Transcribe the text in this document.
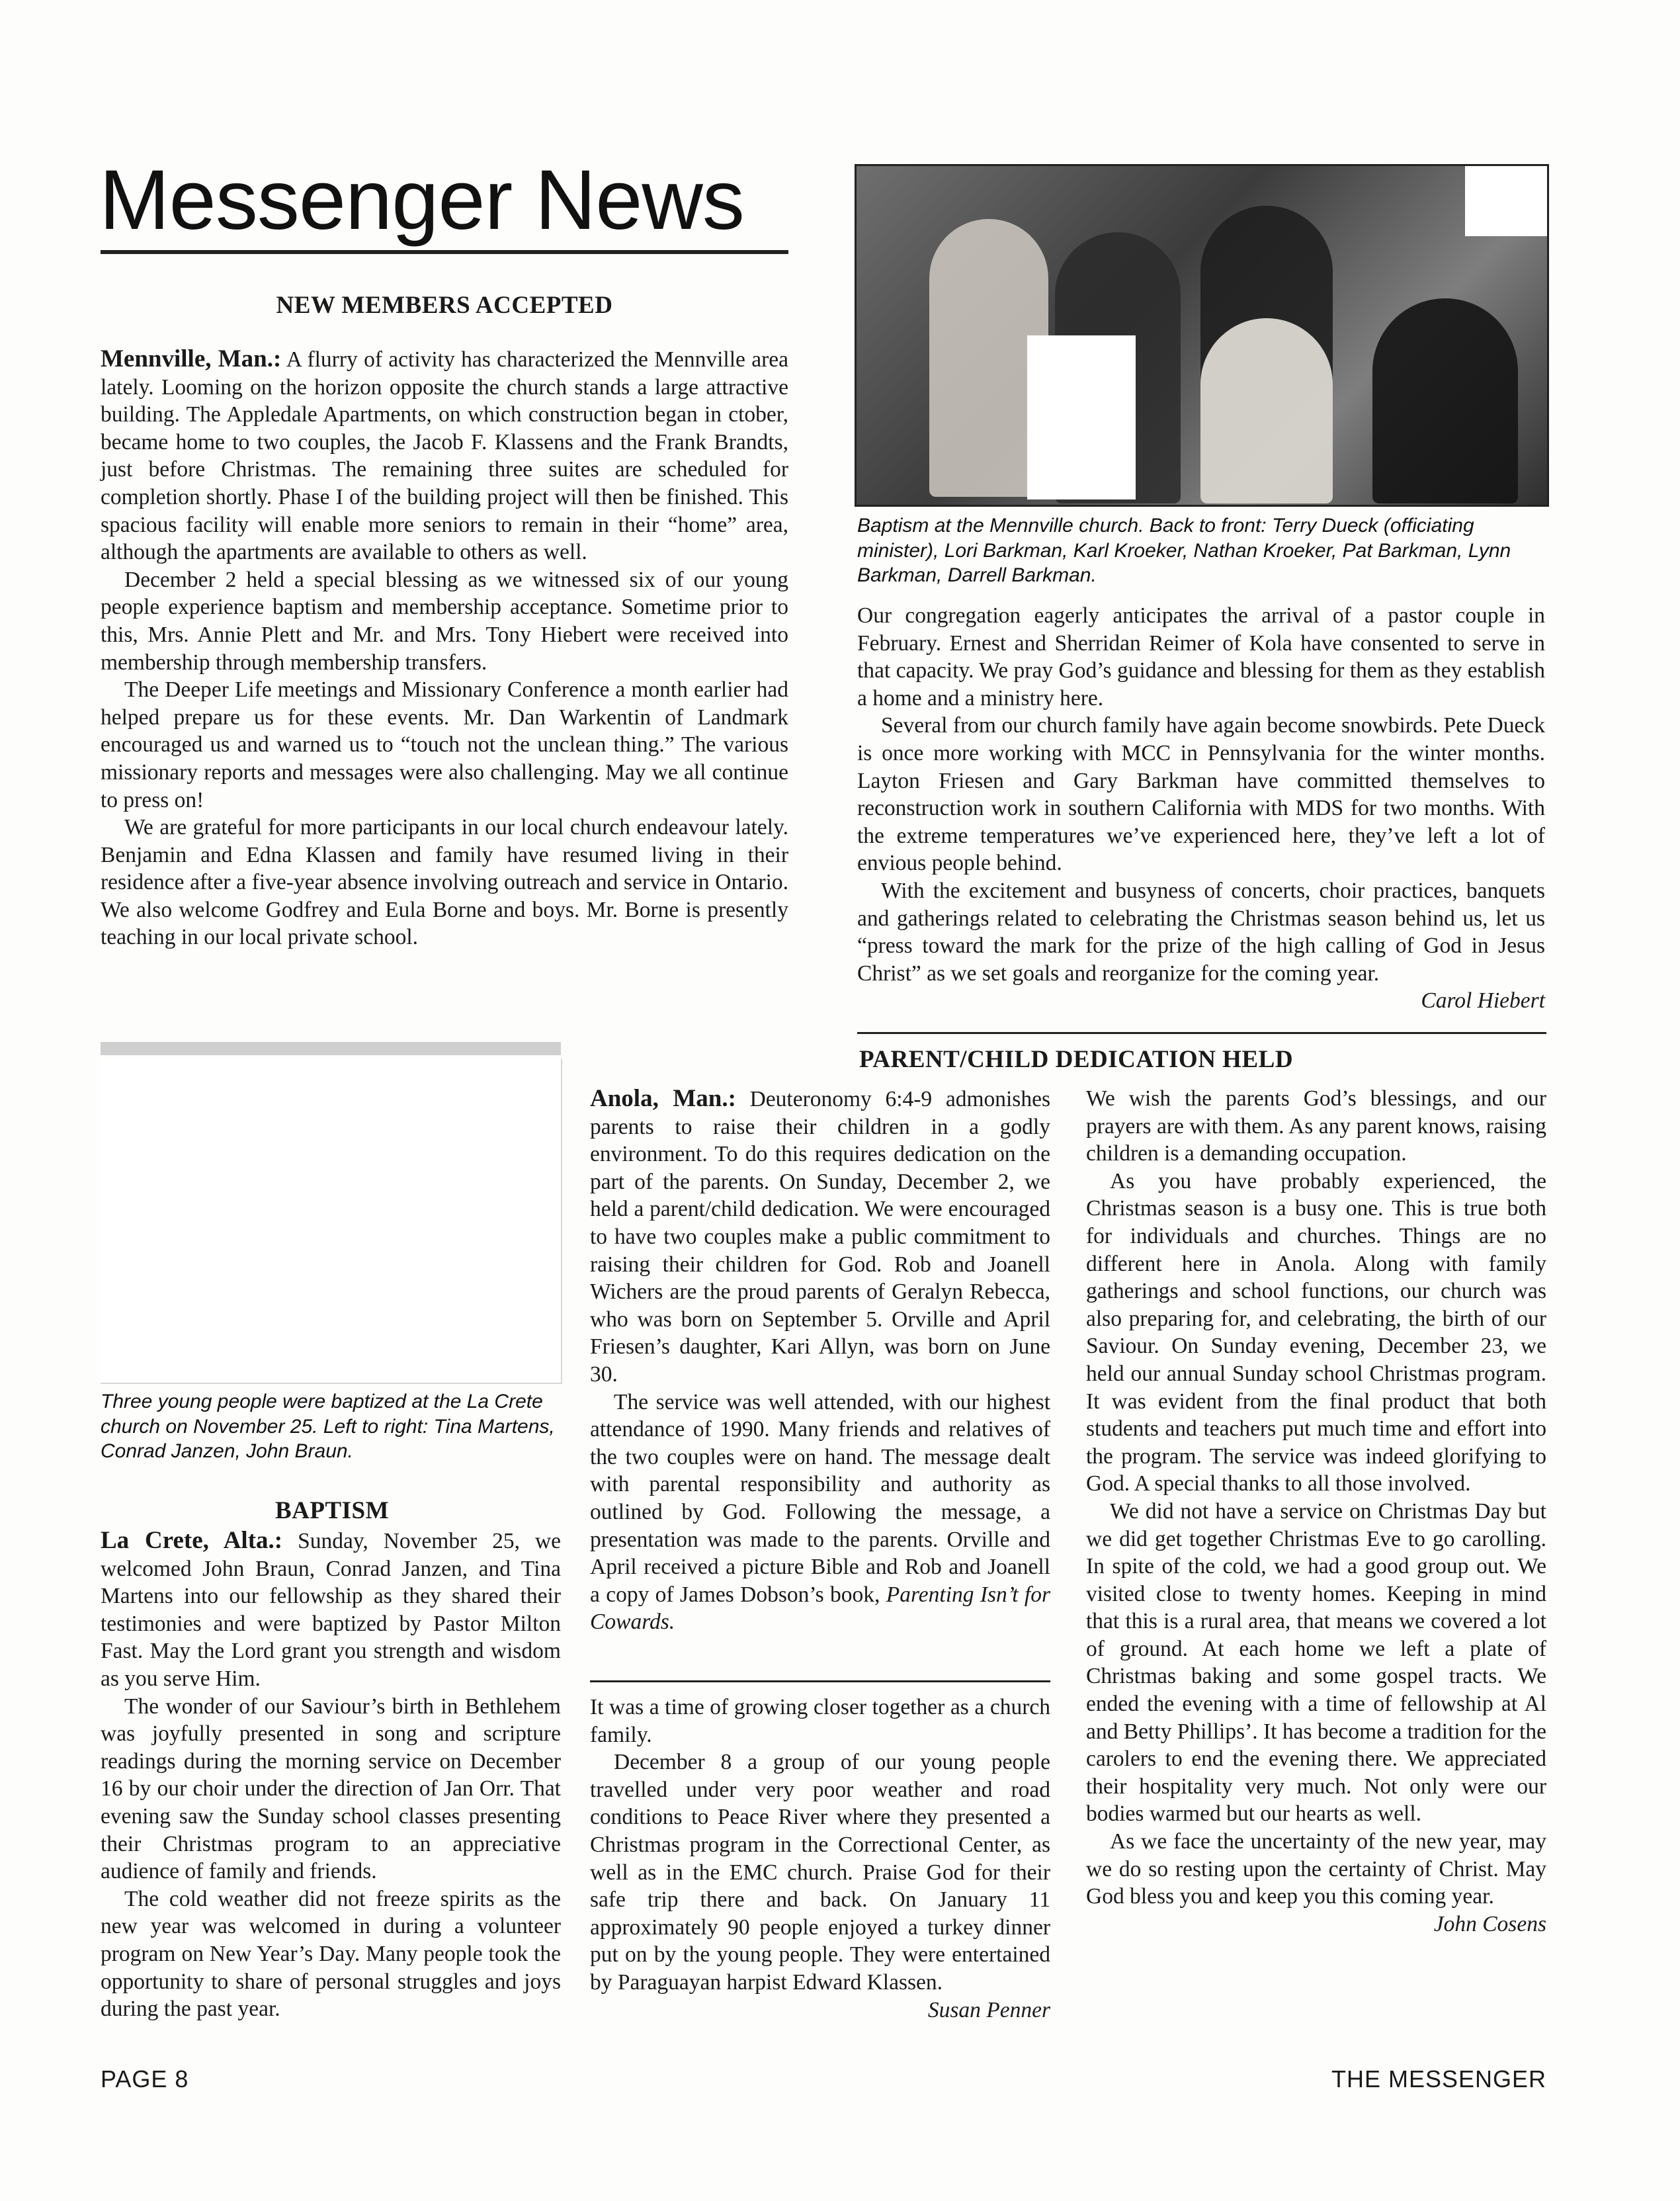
Messenger News
NEW MEMBERS ACCEPTED

Mennville, Man.: A flurry of activity has characterized the Mennville area lately. Looming on the horizon opposite the church stands a large attractive building. The Appledale Apartments, on which construction began in ctober, became home to two couples, the Jacob F. Klassens and the Frank Brandts, just before Christmas. The remaining three suites are scheduled for completion shortly. Phase I of the building project will then be finished. This spacious facility will enable more seniors to remain in their “home” area, although the apartments are available to others as well.

December 2 held a special blessing as we witnessed six of our young people experience baptism and membership acceptance. Sometime prior to this, Mrs. Annie Plett and Mr. and Mrs. Tony Hiebert were received into membership through membership transfers.

The Deeper Life meetings and Missionary Conference a month earlier had helped prepare us for these events. Mr. Dan Warkentin of Landmark encouraged us and warned us to “touch not the unclean thing.” The various missionary reports and messages were also challenging. May we all continue to press on!

We are grateful for more participants in our local church endeavour lately. Benjamin and Edna Klassen and family have resumed living in their residence after a five-year absence involving outreach and service in Ontario. We also welcome Godfrey and Eula Borne and boys. Mr. Borne is presently teaching in our local private school.

Baptism at the Mennville church. Back to front: Terry Dueck (officiating minister), Lori Barkman, Karl Kroeker, Nathan Kroeker, Pat Barkman, Lynn Barkman, Darrell Barkman.

Our congregation eagerly anticipates the arrival of a pastor couple in February. Ernest and Sherridan Reimer of Kola have consented to serve in that capacity. We pray God’s guidance and blessing for them as they establish a home and a ministry here.

Several from our church family have again become snowbirds. Pete Dueck is once more working with MCC in Pennsylvania for the winter months. Layton Friesen and Gary Barkman have committed themselves to reconstruction work in southern California with MDS for two months. With the extreme temperatures we’ve experienced here, they’ve left a lot of envious people behind.

With the excitement and busyness of concerts, choir practices, banquets and gatherings related to celebrating the Christmas season behind us, let us “press toward the mark for the prize of the high calling of God in Jesus Christ” as we set goals and reorganize for the coming year.

Carol Hiebert
Three young people were baptized at the La Crete church on November 25. Left to right: Tina Martens, Conrad Janzen, John Braun.
BAPTISM

La Crete, Alta.: Sunday, November 25, we welcomed John Braun, Conrad Janzen, and Tina Martens into our fellowship as they shared their testimonies and were baptized by Pastor Milton Fast. May the Lord grant you strength and wisdom as you serve Him.

The wonder of our Saviour’s birth in Bethlehem was joyfully presented in song and scripture readings during the morning service on December 16 by our choir under the direction of Jan Orr. That evening saw the Sunday school classes presenting their Christmas program to an appreciative audience of family and friends.

The cold weather did not freeze spirits as the new year was welcomed in during a volunteer program on New Year’s Day. Many people took the opportunity to share of personal struggles and joys during the past year.

PARENT/CHILD DEDICATION HELD

Anola, Man.: Deuteronomy 6:4-9 admonishes parents to raise their children in a godly environment. To do this requires dedication on the part of the parents. On Sunday, December 2, we held a parent/child dedication. We were encouraged to have two couples make a public commitment to raising their children for God. Rob and Joanell Wichers are the proud parents of Geralyn Rebecca, who was born on September 5. Orville and April Friesen’s daughter, Kari Allyn, was born on June 30.

The service was well attended, with our highest attendance of 1990. Many friends and relatives of the two couples were on hand. The message dealt with parental responsibility and authority as outlined by God. Following the message, a presentation was made to the parents. Orville and April received a picture Bible and Rob and Joanell a copy of James Dobson’s book, Parenting Isn’t for Cowards.

It was a time of growing closer together as a church family.

December 8 a group of our young people travelled under very poor weather and road conditions to Peace River where they presented a Christmas program in the Correctional Center, as well as in the EMC church. Praise God for their safe trip there and back. On January 11 approximately 90 people enjoyed a turkey dinner put on by the young people. They were entertained by Paraguayan harpist Edward Klassen.

Susan Penner

We wish the parents God’s blessings, and our prayers are with them. As any parent knows, raising children is a demanding occupation.

As you have probably experienced, the Christmas season is a busy one. This is true both for individuals and churches. Things are no different here in Anola. Along with family gatherings and school functions, our church was also preparing for, and celebrating, the birth of our Saviour. On Sunday evening, December 23, we held our annual Sunday school Christmas program. It was evident from the final product that both students and teachers put much time and effort into the program. The service was indeed glorifying to God. A special thanks to all those involved.

We did not have a service on Christmas Day but we did get together Christmas Eve to go carolling. In spite of the cold, we had a good group out. We visited close to twenty homes. Keeping in mind that this is a rural area, that means we covered a lot of ground. At each home we left a plate of Christmas baking and some gospel tracts. We ended the evening with a time of fellowship at Al and Betty Phillips’. It has become a tradition for the carolers to end the evening there. We appreciated their hospitality very much. Not only were our bodies warmed but our hearts as well.

As we face the uncertainty of the new year, may we do so resting upon the certainty of Christ. May God bless you and keep you this coming year.

John Cosens
PAGE 8	THE MESSENGER
